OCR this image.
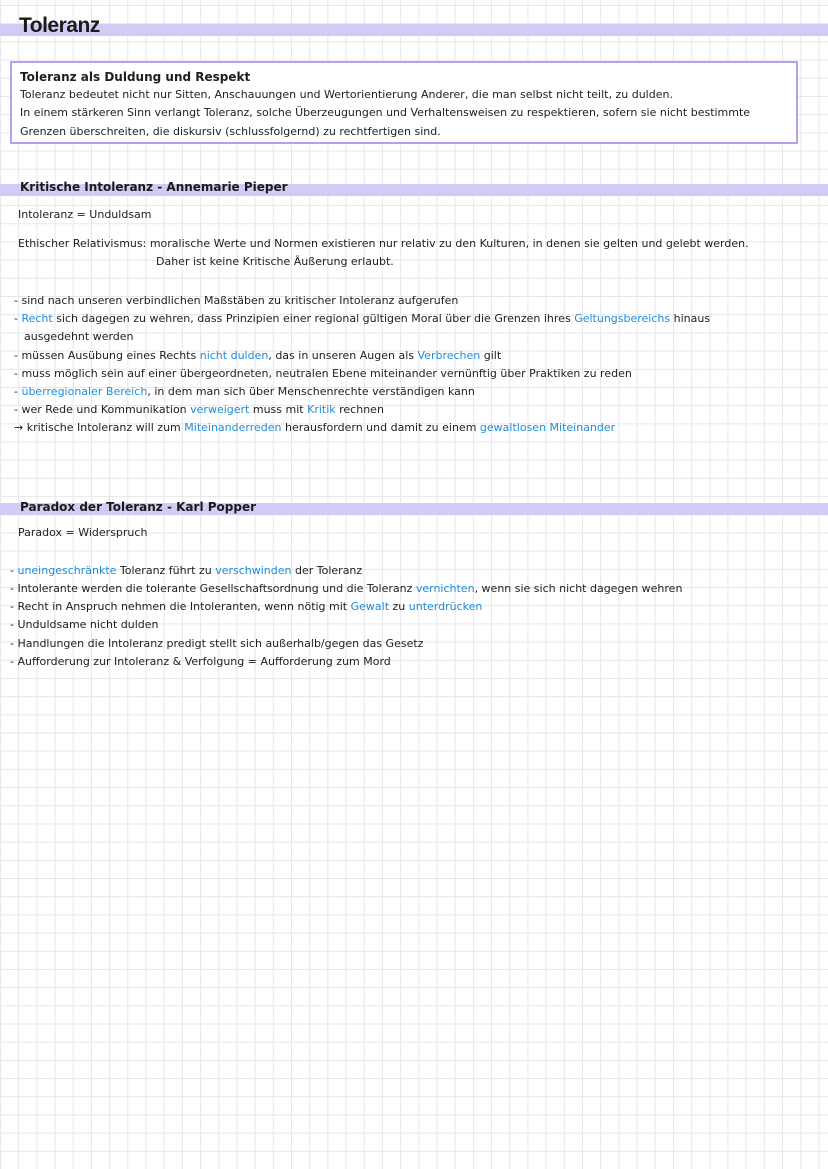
Toleranz
Toleranz als Duldung und Respekt
Toleranz bedeutet nicht nur Sitten, Anschauungen und Wertorientierung Anderer, die man selbst nicht teilt, zu dulden.
In einem stärkeren Sinn verlangt Toleranz, solche Überzeugungen und Verhaltensweisen zu respektieren, sofern sie nicht bestimmte
Grenzen überschreiten, die diskursiv (schlussfolgernd) zu rechtfertigen sind.
Kritische Intoleranz - Annemarie Pieper
Intoleranz = Unduldsam
Ethischer Relativismus: moralische Werte und Normen existieren nur relativ zu den Kulturen, in denen sie gelten und gelebt werden.
Daher ist keine Kritische Äußerung erlaubt.
- sind nach unseren verbindlichen Maßstäben zu kritischer Intoleranz aufgerufen
- Recht sich dagegen zu wehren, dass Prinzipien einer regional gültigen Moral über die Grenzen ihres Geltungsbereichs hinaus
ausgedehnt werden
- müssen Ausübung eines Rechts nicht dulden, das in unseren Augen als Verbrechen gilt
- muss möglich sein auf einer übergeordneten, neutralen Ebene miteinander vernünftig über Praktiken zu reden
- überregionaler Bereich, in dem man sich über Menschenrechte verständigen kann
- wer Rede und Kommunikation verweigert muss mit Kritik rechnen
→ kritische Intoleranz will zum Miteinanderreden herausfordern und damit zu einem gewaltlosen Miteinander
Paradox der Toleranz - Karl Popper
Paradox = Widerspruch
- uneingeschränkte Toleranz führt zu verschwinden der Toleranz
- Intolerante werden die tolerante Gesellschaftsordnung und die Toleranz vernichten, wenn sie sich nicht dagegen wehren
- Recht in Anspruch nehmen die Intoleranten, wenn nötig mit Gewalt zu unterdrücken
- Unduldsame nicht dulden
- Handlungen die Intoleranz predigt stellt sich außerhalb/gegen das Gesetz
- Aufforderung zur Intoleranz & Verfolgung = Aufforderung zum Mord
